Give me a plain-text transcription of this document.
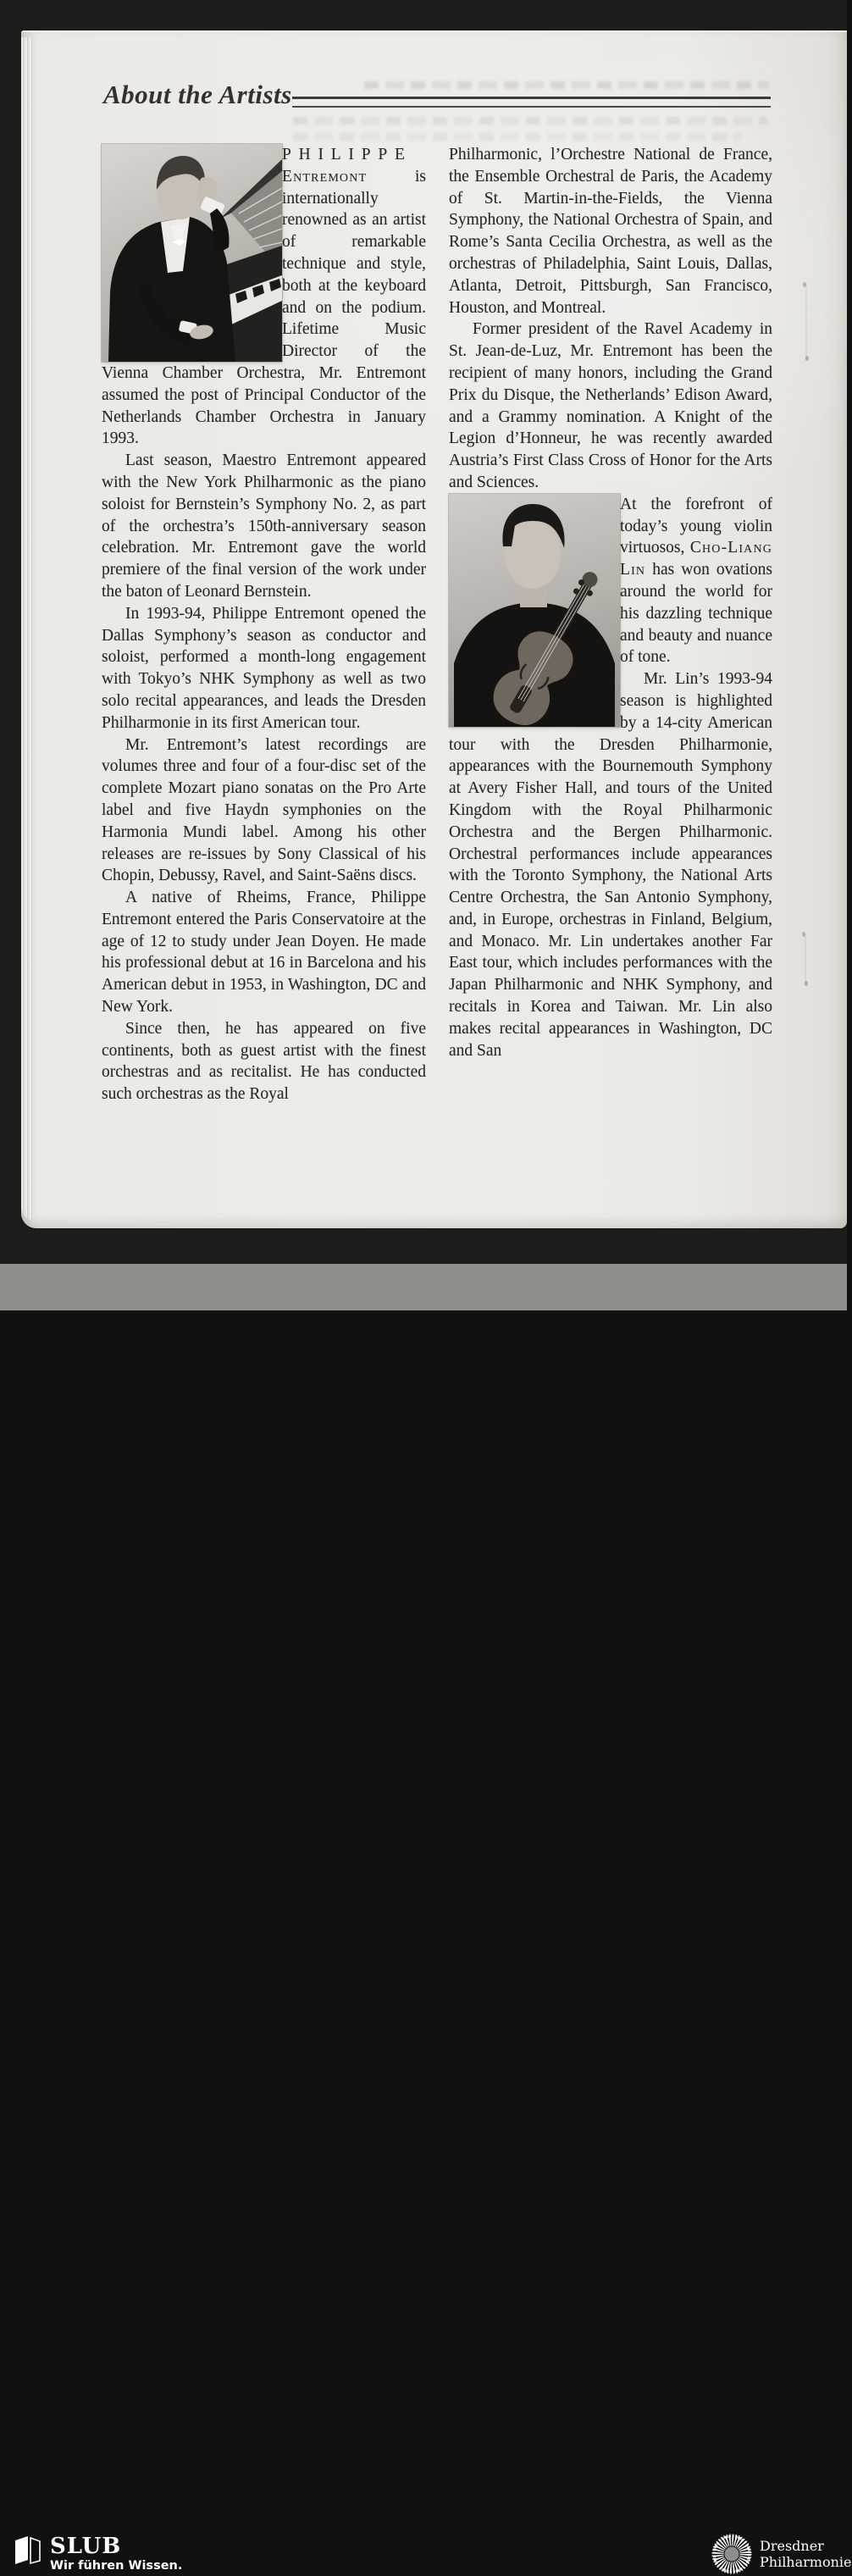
About the Artists

PHILIPPE Entremont is internationally renowned as an artist of remarkable technique and style, both at the keyboard and on the podium. Lifetime Music Director of the Vienna Chamber Orchestra, Mr. Entremont assumed the post of Principal Conductor of the Netherlands Chamber Orchestra in January 1993.

Last season, Maestro Entremont appeared with the New York Philharmonic as the piano soloist for Bernstein’s Symphony No. 2, as part of the orchestra’s 150th-anniversary season celebration. Mr. Entremont gave the world premiere of the final version of the work under the baton of Leonard Bernstein.

In 1993-94, Philippe Entremont opened the Dallas Symphony’s season as conductor and soloist, performed a month-long engagement with Tokyo’s NHK Symphony as well as two solo recital appearances, and leads the Dresden Philharmonie in its first American tour.

Mr. Entremont’s latest recordings are volumes three and four of a four-disc set of the complete Mozart piano sonatas on the Pro Arte label and five Haydn symphonies on the Harmonia Mundi label. Among his other releases are re-issues by Sony Classical of his Chopin, Debussy, Ravel, and Saint-Saëns discs.

A native of Rheims, France, Philippe Entremont entered the Paris Conservatoire at the age of 12 to study under Jean Doyen. He made his professional debut at 16 in Barcelona and his American debut in 1953, in Washington, DC and New York.

Since then, he has appeared on five continents, both as guest artist with the finest orchestras and as recitalist. He has conducted such orchestras as the Royal

Philharmonic, l’Orchestre National de France, the Ensemble Orchestral de Paris, the Academy of St. Martin-in-the-Fields, the Vienna Symphony, the National Orchestra of Spain, and Rome’s Santa Cecilia Orchestra, as well as the orchestras of Philadelphia, Saint Louis, Dallas, Atlanta, Detroit, Pittsburgh, San Francisco, Houston, and Montreal.

Former president of the Ravel Academy in St. Jean-de-Luz, Mr. Entremont has been the recipient of many honors, including the Grand Prix du Disque, the Netherlands’ Edison Award, and a Grammy nomination. A Knight of the Legion d’Honneur, he was recently awarded Austria’s First Class Cross of Honor for the Arts and Sciences.

At the forefront of today’s young violin virtuosos, Cho-Liang Lin has won ovations around the world for his dazzling technique and beauty and nuance of tone.

Mr. Lin’s 1993-94 season is highlighted by a 14-city American tour with the Dresden Philharmonie, appearances with the Bournemouth Symphony at Avery Fisher Hall, and tours of the United Kingdom with the Royal Philharmonic Orchestra and the Bergen Philharmonic. Orchestral performances include appearances with the Toronto Symphony, the National Arts Centre Orchestra, the San Antonio Symphony, and, in Europe, orchestras in Finland, Belgium, and Monaco. Mr. Lin undertakes another Far East tour, which includes performances with the Japan Philharmonic and NHK Symphony, and recitals in Korea and Taiwan. Mr. Lin also makes recital appearances in Washington, DC and San

SLUB
Wir führen Wissen.
Dresdner
Philharmonie
